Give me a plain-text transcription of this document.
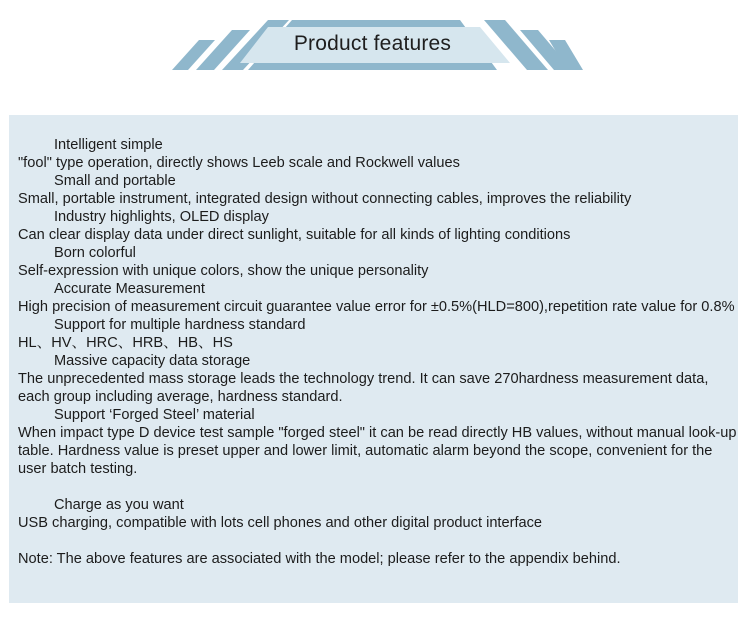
Product features
Intelligent simple
"fool" type operation, directly shows Leeb scale and Rockwell values
Small and portable
Small, portable instrument, integrated design without connecting cables, improves the reliability
Industry highlights, OLED display
Can clear display data under direct sunlight, suitable for all kinds of lighting conditions
Born colorful
Self-expression with unique colors, show the unique personality
Accurate Measurement
High precision of measurement circuit guarantee value error for ±0.5%(HLD=800),repetition rate value for 0.8%
Support for multiple hardness standard
HL、HV、HRC、HRB、HB、HS
Massive capacity data storage
The unprecedented mass storage leads the technology trend. It can save 270hardness measurement data, each group including average, hardness standard.
Support ‘Forged Steel’ material
When impact type D device test sample "forged steel" it can be read directly HB values, without manual look-up table. Hardness value is preset upper and lower limit, automatic alarm beyond the scope, convenient for the user batch testing.
Charge as you want
USB charging, compatible with lots cell phones and other digital product interface
Note: The above features are associated with the model; please refer to the appendix behind.
